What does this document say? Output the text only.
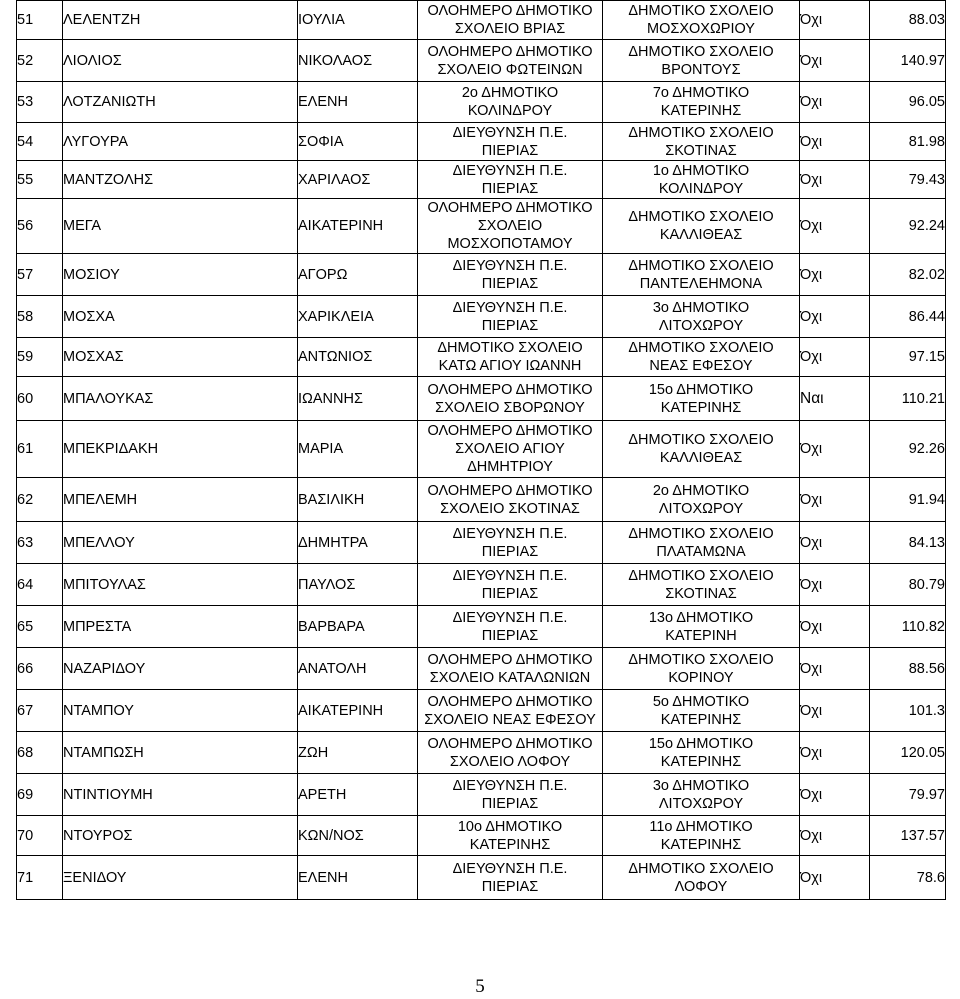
51	ΛΕΛΕΝΤΖΗ	ΙΟΥΛΙΑ	ΟΛΟΗΜΕΡΟ ΔΗΜΟΤΙΚΟ ΣΧΟΛΕΙΟ ΒΡΙΑΣ	ΔΗΜΟΤΙΚΟ ΣΧΟΛΕΙΟ ΜΟΣΧΟΧΩΡΙΟΥ	Όχι	88.03
52	ΛΙΟΛΙΟΣ	ΝΙΚΟΛΑΟΣ	ΟΛΟΗΜΕΡΟ ΔΗΜΟΤΙΚΟ ΣΧΟΛΕΙΟ ΦΩΤΕΙΝΩΝ	ΔΗΜΟΤΙΚΟ ΣΧΟΛΕΙΟ ΒΡΟΝΤΟΥΣ	Όχι	140.97
53	ΛΟΤΖΑΝΙΩΤΗ	ΕΛΕΝΗ	2ο ΔΗΜΟΤΙΚΟ ΚΟΛΙΝΔΡΟΥ	7ο ΔΗΜΟΤΙΚΟ ΚΑΤΕΡΙΝΗΣ	Όχι	96.05
54	ΛΥΓΟΥΡΑ	ΣΟΦΙΑ	ΔΙΕΥΘΥΝΣΗ Π.Ε. ΠΙΕΡΙΑΣ	ΔΗΜΟΤΙΚΟ ΣΧΟΛΕΙΟ ΣΚΟΤΙΝΑΣ	Όχι	81.98
55	ΜΑΝΤΖΟΛΗΣ	ΧΑΡΙΛΑΟΣ	ΔΙΕΥΘΥΝΣΗ Π.Ε. ΠΙΕΡΙΑΣ	1ο ΔΗΜΟΤΙΚΟ ΚΟΛΙΝΔΡΟΥ	Όχι	79.43
56	ΜΕΓΑ	ΑΙΚΑΤΕΡΙΝΗ	ΟΛΟΗΜΕΡΟ ΔΗΜΟΤΙΚΟ ΣΧΟΛΕΙΟ ΜΟΣΧΟΠΟΤΑΜΟΥ	ΔΗΜΟΤΙΚΟ ΣΧΟΛΕΙΟ ΚΑΛΛΙΘΕΑΣ	Όχι	92.24
57	ΜΟΣΙΟΥ	ΑΓΟΡΩ	ΔΙΕΥΘΥΝΣΗ Π.Ε. ΠΙΕΡΙΑΣ	ΔΗΜΟΤΙΚΟ ΣΧΟΛΕΙΟ ΠΑΝΤΕΛΕΗΜΟΝΑ	Όχι	82.02
58	ΜΟΣΧΑ	ΧΑΡΙΚΛΕΙΑ	ΔΙΕΥΘΥΝΣΗ Π.Ε. ΠΙΕΡΙΑΣ	3ο ΔΗΜΟΤΙΚΟ ΛΙΤΟΧΩΡΟΥ	Όχι	86.44
59	ΜΟΣΧΑΣ	ΑΝΤΩΝΙΟΣ	ΔΗΜΟΤΙΚΟ ΣΧΟΛΕΙΟ ΚΑΤΩ ΑΓΙΟΥ ΙΩΑΝΝΗ	ΔΗΜΟΤΙΚΟ ΣΧΟΛΕΙΟ ΝΕΑΣ ΕΦΕΣΟΥ	Όχι	97.15
60	ΜΠΑΛΟΥΚΑΣ	ΙΩΑΝΝΗΣ	ΟΛΟΗΜΕΡΟ ΔΗΜΟΤΙΚΟ ΣΧΟΛΕΙΟ ΣΒΟΡΩΝΟΥ	15ο ΔΗΜΟΤΙΚΟ ΚΑΤΕΡΙΝΗΣ	Ναι	110.21
61	ΜΠΕΚΡΙΔΑΚΗ	ΜΑΡΙΑ	ΟΛΟΗΜΕΡΟ ΔΗΜΟΤΙΚΟ ΣΧΟΛΕΙΟ ΑΓΙΟΥ ΔΗΜΗΤΡΙΟΥ	ΔΗΜΟΤΙΚΟ ΣΧΟΛΕΙΟ ΚΑΛΛΙΘΕΑΣ	Όχι	92.26
62	ΜΠΕΛΕΜΗ	ΒΑΣΙΛΙΚΗ	ΟΛΟΗΜΕΡΟ ΔΗΜΟΤΙΚΟ ΣΧΟΛΕΙΟ ΣΚΟΤΙΝΑΣ	2ο ΔΗΜΟΤΙΚΟ ΛΙΤΟΧΩΡΟΥ	Όχι	91.94
63	ΜΠΕΛΛΟΥ	ΔΗΜΗΤΡΑ	ΔΙΕΥΘΥΝΣΗ Π.Ε. ΠΙΕΡΙΑΣ	ΔΗΜΟΤΙΚΟ ΣΧΟΛΕΙΟ ΠΛΑΤΑΜΩΝΑ	Όχι	84.13
64	ΜΠΙΤΟΥΛΑΣ	ΠΑΥΛΟΣ	ΔΙΕΥΘΥΝΣΗ Π.Ε. ΠΙΕΡΙΑΣ	ΔΗΜΟΤΙΚΟ ΣΧΟΛΕΙΟ ΣΚΟΤΙΝΑΣ	Όχι	80.79
65	ΜΠΡΕΣΤΑ	ΒΑΡΒΑΡΑ	ΔΙΕΥΘΥΝΣΗ Π.Ε. ΠΙΕΡΙΑΣ	13ο ΔΗΜΟΤΙΚΟ ΚΑΤΕΡΙΝΗ	Όχι	110.82
66	ΝΑΖΑΡΙΔΟΥ	ΑΝΑΤΟΛΗ	ΟΛΟΗΜΕΡΟ ΔΗΜΟΤΙΚΟ ΣΧΟΛΕΙΟ ΚΑΤΑΛΩΝΙΩΝ	ΔΗΜΟΤΙΚΟ ΣΧΟΛΕΙΟ ΚΟΡΙΝΟΥ	Όχι	88.56
67	ΝΤΑΜΠΟΥ	ΑΙΚΑΤΕΡΙΝΗ	ΟΛΟΗΜΕΡΟ ΔΗΜΟΤΙΚΟ ΣΧΟΛΕΙΟ ΝΕΑΣ ΕΦΕΣΟΥ	5ο ΔΗΜΟΤΙΚΟ ΚΑΤΕΡΙΝΗΣ	Όχι	101.3
68	ΝΤΑΜΠΩΣΗ	ΖΩΗ	ΟΛΟΗΜΕΡΟ ΔΗΜΟΤΙΚΟ ΣΧΟΛΕΙΟ ΛΟΦΟΥ	15ο ΔΗΜΟΤΙΚΟ ΚΑΤΕΡΙΝΗΣ	Όχι	120.05
69	ΝΤΙΝΤΙΟΥΜΗ	ΑΡΕΤΗ	ΔΙΕΥΘΥΝΣΗ Π.Ε. ΠΙΕΡΙΑΣ	3ο ΔΗΜΟΤΙΚΟ ΛΙΤΟΧΩΡΟΥ	Όχι	79.97
70	ΝΤΟΥΡΟΣ	ΚΩΝ/ΝΟΣ	10ο ΔΗΜΟΤΙΚΟ ΚΑΤΕΡΙΝΗΣ	11ο ΔΗΜΟΤΙΚΟ ΚΑΤΕΡΙΝΗΣ	Όχι	137.57
71	ΞΕΝΙΔΟΥ	ΕΛΕΝΗ	ΔΙΕΥΘΥΝΣΗ Π.Ε. ΠΙΕΡΙΑΣ	ΔΗΜΟΤΙΚΟ ΣΧΟΛΕΙΟ ΛΟΦΟΥ	Όχι	78.6
5
